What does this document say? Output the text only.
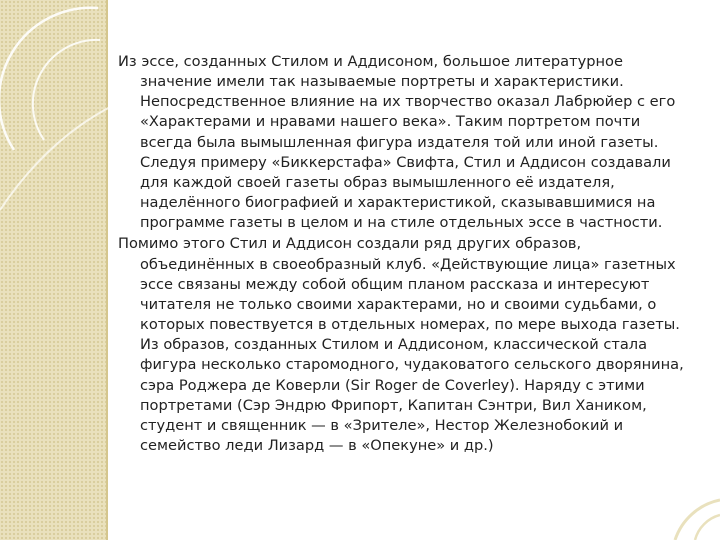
Из эссе, созданных Стилом и Аддисоном, большое литературное значение имели так называемые портреты и характеристики. Непосредственное влияние на их творчество оказал Лабрюйер с его «Характерами и нравами нашего века». Таким портретом почти всегда была вымышленная фигура издателя той или иной газеты. Следуя примеру «Биккерстафа» Свифта, Стил и Аддисон создавали для каждой своей газеты образ вымышленного её издателя, наделённого биографией и характеристикой, сказывавшимися на программе газеты в целом и на стиле отдельных эссе в частности.

Помимо этого Стил и Аддисон создали ряд других образов, объединённых в своеобразный клуб. «Действующие лица» газетных эссе связаны между собой общим планом рассказа и интересуют читателя не только своими характерами, но и своими судьбами, о которых повествуется в отдельных номерах, по мере выхода газеты. Из образов, созданных Стилом и Аддисоном, классической стала фигура несколько старомодного, чудаковатого сельского дворянина, сэра Роджера де Коверли (Sir Roger de Coverley). Наряду с этими портретами (Сэр Эндрю Фрипорт, Капитан Сэнтри, Вил Хаником, студент и священник — в «Зрителе», Нестор Железнобокий и семейство леди Лизард — в «Опекуне» и др.)
